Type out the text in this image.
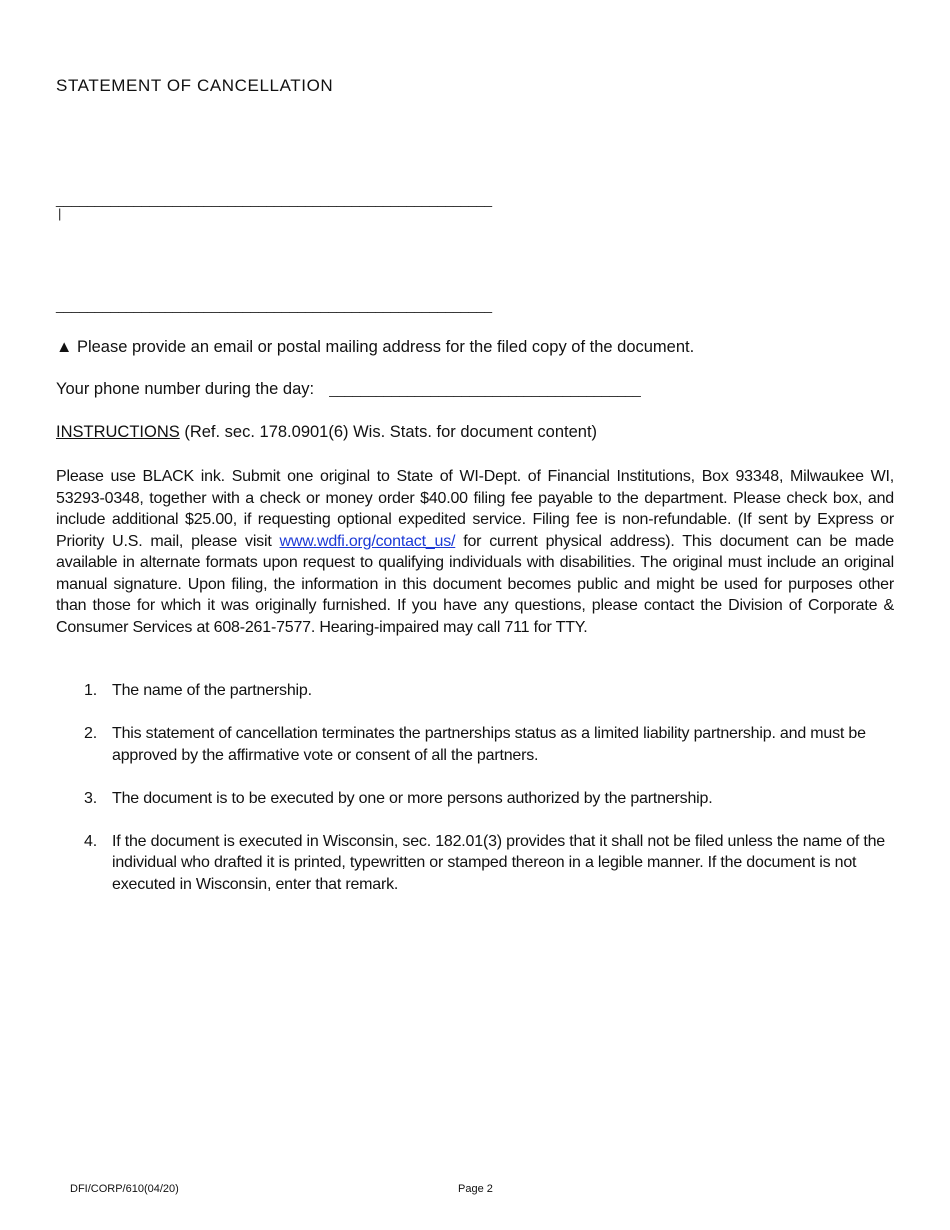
STATEMENT OF CANCELLATION
________________________________________________________
|
________________________________________________________
▲ Please provide an email or postal mailing address for the filed copy of the document.
Your phone number during the day: ________________________________________
INSTRUCTIONS (Ref. sec. 178.0901(6) Wis. Stats. for document content)
Please use BLACK ink. Submit one original to State of WI-Dept. of Financial Institutions, Box 93348, Milwaukee WI, 53293-0348, together with a check or money order $40.00 filing fee payable to the department. Please check box, and include additional $25.00, if requesting optional expedited service. Filing fee is non-refundable. (If sent by Express or Priority U.S. mail, please visit www.wdfi.org/contact_us/ for current physical address). This document can be made available in alternate formats upon request to qualifying individuals with disabilities. The original must include an original manual signature. Upon filing, the information in this document becomes public and might be used for purposes other than those for which it was originally furnished. If you have any questions, please contact the Division of Corporate & Consumer Services at 608-261-7577. Hearing-impaired may call 711 for TTY.
1. The name of the partnership.
2. This statement of cancellation terminates the partnerships status as a limited liability partnership. and must be approved by the affirmative vote or consent of all the partners.
3. The document is to be executed by one or more persons authorized by the partnership.
4. If the document is executed in Wisconsin, sec. 182.01(3) provides that it shall not be filed unless the name of the individual who drafted it is printed, typewritten or stamped thereon in a legible manner. If the document is not executed in Wisconsin, enter that remark.
DFI/CORP/610(04/20)	Page 2
